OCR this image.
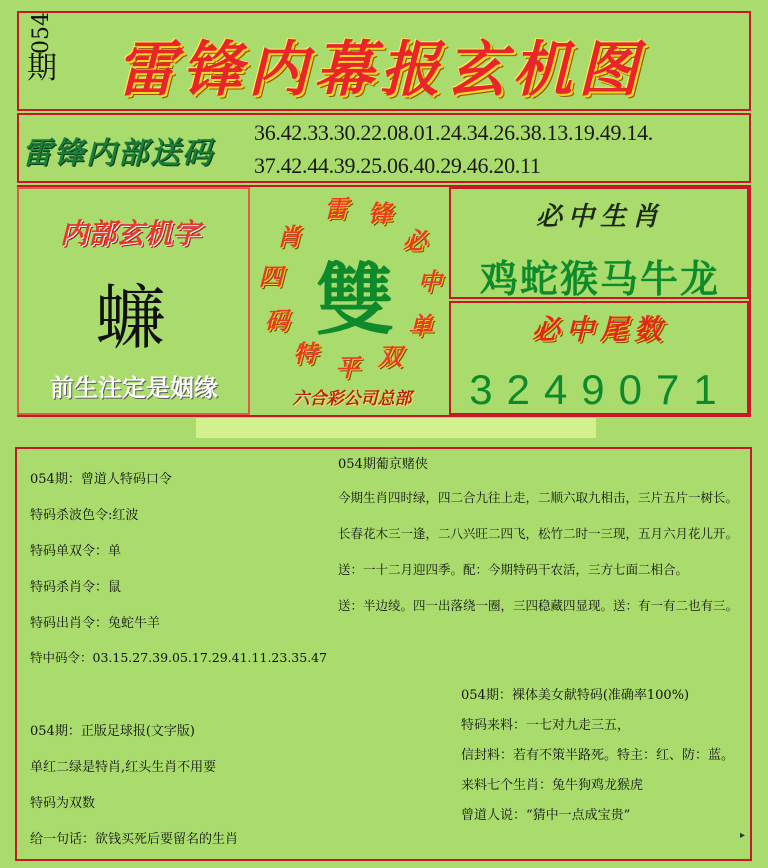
054
期 雷锋内幕报玄机图
雷锋内部送码
36.42.33.30.22.08.01.24.34.26.38.13.19.49.14.
37.42.44.39.25.06.40.29.46.20.11
内部玄机字
蠊
前生注定是姻缘
雷 锋
必
中
单
双
平
特
码
四
肖
雙
六合彩公司总部
必中生肖
鸡蛇猴马牛龙
必中尾数
3249071
054期：曾道人特码口令
特码杀波色令:红波
特码单双令：单
特码杀肖令：鼠
特码出肖令：兔蛇牛羊
特中码令：03.15.27.39.05.17.29.41.11.23.35.47
054期葡京赌侠
今期生肖四时绿，四二合九往上走，二顺六取九相击，三片五片一树长。
长春花木三一逢，二八兴旺二四飞，松竹二时一三现，五月六月花儿开。
送：一十二月迎四季。配：今期特码干农活，三方七面二相合。
送：半边绫。四一出落绕一圈，三四稳藏四显现。送：有一有二也有三。
054期：正版足球报(文字版)
单红二绿是特肖,红头生肖不用要
特码为双数
给一句话：欲钱买死后要留名的生肖
054期：裸体美女献特码(准确率100%)
特码来料：一七对九走三五，
信封料：若有不策半路死。特主：红、防：蓝。
来料七个生肖：兔牛狗鸡龙猴虎
曾道人说：“猜中一点成宝贵”
▸
